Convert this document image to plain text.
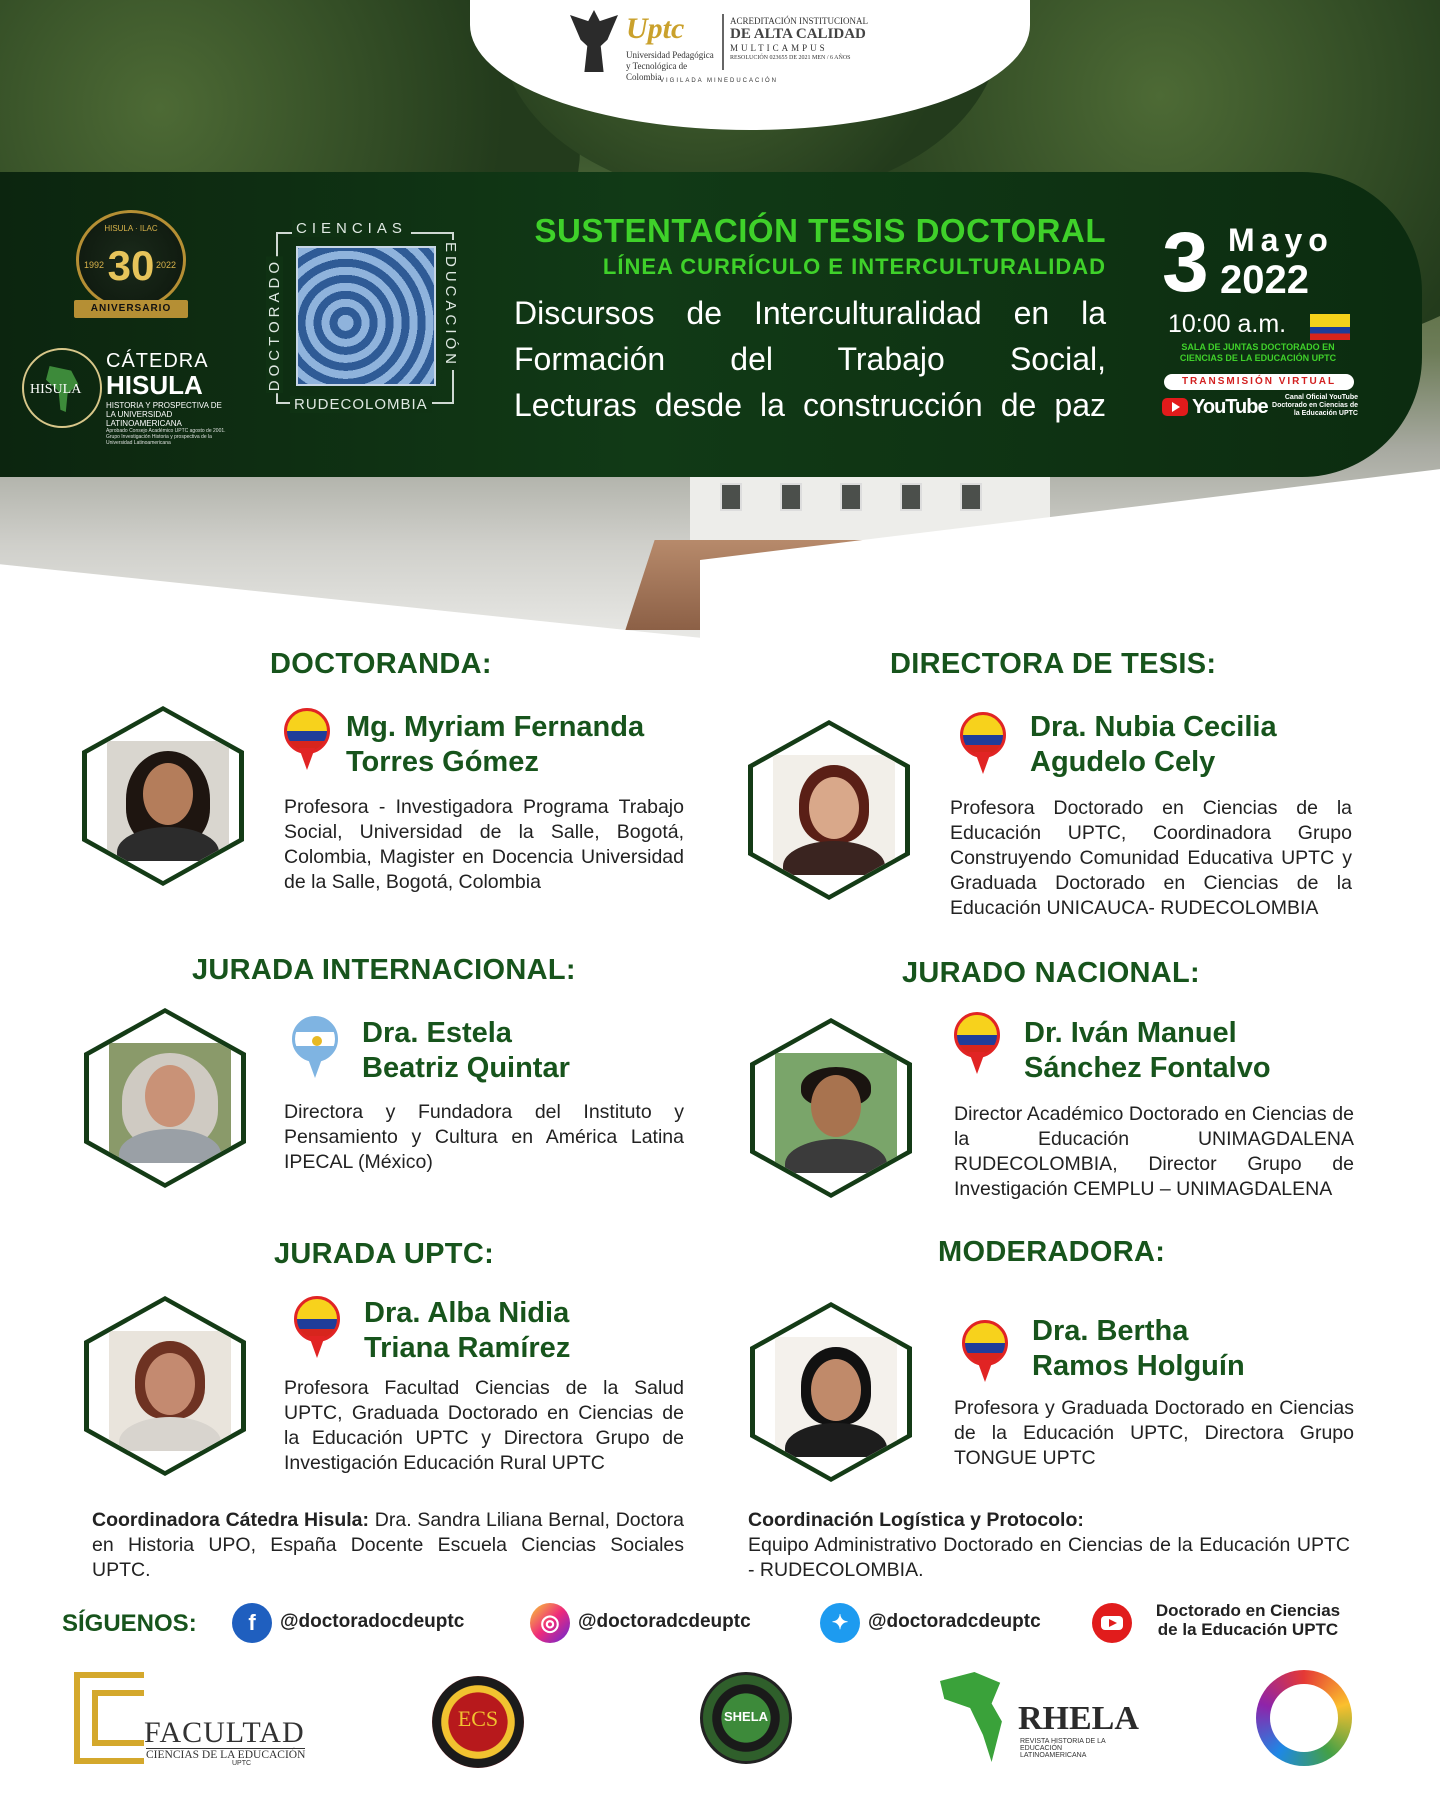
Uptc
Universidad Pedagógica y Tecnológica de Colombia
ACREDITACIÓN INSTITUCIONAL
DE ALTA CALIDAD
MULTICAMPUS
RESOLUCIÓN 023655 DE 2021 MEN / 6 AÑOS
VIGILADA MINEDUCACIÓN
HISULA · ILAC
1992	2022
30
ANIVERSARIO
HISULA
CÁTEDRA
HISULA
HISTORIA Y PROSPECTIVA DE LA UNIVERSIDAD LATINOAMERICANA
Aprobado Consejo Académico UPTC agosto de 2001. Grupo Investigación Historia y prospectiva de la Universidad Latinoamericana
CIENCIAS
EDUCACIÓN
DOCTORADO
RUDECOLOMBIA
SUSTENTACIÓN TESIS DOCTORAL
LÍNEA CURRÍCULO E INTERCULTURALIDAD
Discursos de Interculturalidad en la
Formación del Trabajo Social,
Lecturas desde la construcción de paz
3 Mayo
2022
10:00 a.m.
SALA DE JUNTAS DOCTORADO EN CIENCIAS DE LA EDUCACIÓN UPTC
TRANSMISIÓN VIRTUAL
YouTube	Canal Oficial YouTube Doctorado en Ciencias de la Educación UPTC
DOCTORANDA:
Mg. Myriam Fernanda
Torres Gómez
Profesora - Investigadora Programa Trabajo Social, Universidad de la Salle, Bogotá, Colombia, Magister en Docencia Universidad de la Salle, Bogotá, Colombia
DIRECTORA DE TESIS:
Dra. Nubia Cecilia
Agudelo Cely
Profesora Doctorado en Ciencias de la Educación UPTC, Coordinadora Grupo Construyendo Comunidad Educativa UPTC y Graduada Doctorado en Ciencias de la Educación UNICAUCA- RUDECOLOMBIA
JURADA INTERNACIONAL:
Dra. Estela
Beatriz Quintar
Directora y Fundadora del Instituto y Pensamiento y Cultura en América Latina IPECAL (México)
JURADO NACIONAL:
Dr. Iván Manuel
Sánchez Fontalvo
Director Académico Doctorado en Ciencias de la Educación UNIMAGDALENA RUDECOLOMBIA, Director Grupo de Investigación CEMPLU – UNIMAGDALENA
JURADA UPTC:
Dra. Alba Nidia
Triana Ramírez
Profesora Facultad Ciencias de la Salud UPTC, Graduada Doctorado en Ciencias de la Educación UPTC y Directora Grupo de Investigación Educación Rural UPTC
MODERADORA:
Dra. Bertha
Ramos Holguín
Profesora y Graduada Doctorado en Ciencias de la Educación UPTC, Directora Grupo TONGUE UPTC
Coordinadora Cátedra Hisula: Dra. Sandra Liliana Bernal, Doctora en Historia UPO, España Docente Escuela Ciencias Sociales UPTC.
Coordinación Logística y Protocolo:
Equipo Administrativo Doctorado en Ciencias de la Educación UPTC - RUDECOLOMBIA.
SÍGUENOS:	f	@doctoradocdeuptc	◎ @doctoradcdeuptc	✦	@doctoradcdeuptc
Doctorado en Ciencias
de la Educación UPTC
FACULTAD
CIENCIAS DE LA EDUCACIÓN
UPTC
ECS	SHELA	RHELA
REVISTA HISTORIA DE LA EDUCACIÓN LATINOAMERICANA
